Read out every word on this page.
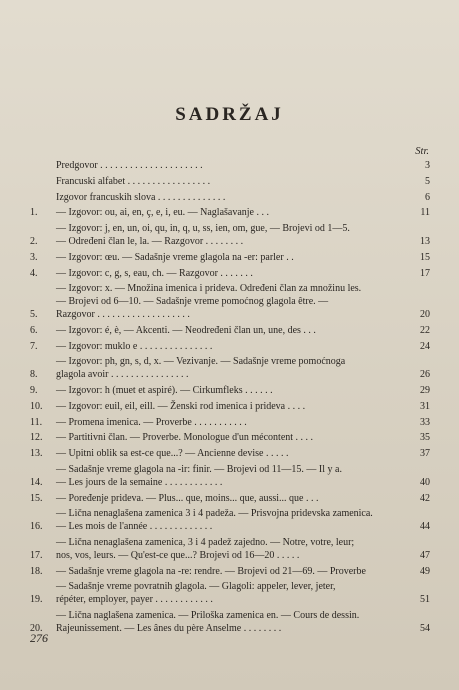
SADRŽAJ
Str.
Predgovor . . . . . . . . . . . . . . . . . . . . .	3
Francuski alfabet . . . . . . . . . . . . . . . . .	5
Izgovor francuskih slova . . . . . . . . . . . . . .	6
1.	— Izgovor: ou, ai, en, ç, e, i, eu. — Naglašavanje . . .	11
2.
— Izgovor: j, en, un, oi, qu, in, q, u, ss, ien, om, gue, — Brojevi od 1—5.
— Određeni član le, la. — Razgovor . . . . . . . .	13
3.	— Izgovor: œu. — Sadašnje vreme glagola na -er: parler . .	15
4.	— Izgovor: c, g, s, eau, ch. — Razgovor . . . . . . .	17
5.
— Izgovor: x. — Množina imenica i prideva. Određeni član za množinu les.
— Brojevi od 6—10. — Sadašnje vreme pomoćnog glagola être. —
Razgovor . . . . . . . . . . . . . . . . . . .	20
6.	— Izgovor: é, è, — Akcenti. — Neodređeni član un, une, des . . .	22
7.	— Izgovor: muklo e . . . . . . . . . . . . . . .	24
8.
— Izgovor: ph, gn, s, d, x. — Vezivanje. — Sadašnje vreme pomoćnoga
glagola avoir . . . . . . . . . . . . . . . .	26
9.	— Izgovor: h (muet et aspiré). — Cirkumfleks . . . . . .	29
10.	— Izgovor: euil, eil, eill. — Ženski rod imenica i prideva . . . .	31
11.	— Promena imenica. — Proverbe . . . . . . . . . . .	33
12.	— Partitivni član. — Proverbe. Monologue d'un mécontent . . . .	35
13.	— Upitni oblik sa est-ce que...? — Ancienne devise . . . . .	37
14.
— Sadašnje vreme glagola na -ir: finir. — Brojevi od 11—15. — Il y a.
— Les jours de la semaine . . . . . . . . . . . .	40
15.	— Poređenje prideva. — Plus... que, moins... que, aussi... que . . .	42
16.
— Lična nenaglašena zamenica 3 i 4 padeža. — Prisvojna pridevska zamenica.
— Les mois de l'année . . . . . . . . . . . . .	44
17.
— Lična nenaglašena zamenica, 3 i 4 padež zajedno. — Notre, votre, leur;
nos, vos, leurs. — Qu'est-ce que...? Brojevi od 16—20 . . . . .	47
18.	— Sadašnje vreme glagola na -re: rendre. — Brojevi od 21—69. — Proverbe	49
19.
— Sadašnje vreme povratnih glagola. — Glagoli: appeler, lever, jeter,
répéter, employer, payer . . . . . . . . . . . .	51
20.
— Lična naglašena zamenica. — Priloška zamenica en. — Cours de dessin.
Rajeunissement. — Les ânes du père Anselme . . . . . . . .	54
276
